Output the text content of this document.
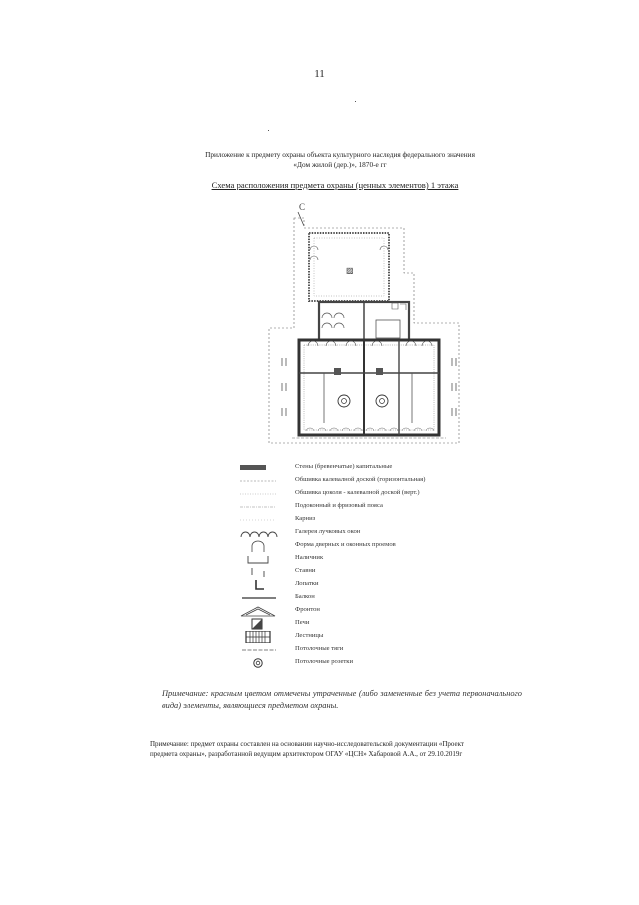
11
Приложение к предмету охраны объекта культурного наследия федерального значения
«Дом жилой (дер.)», 1870-е гг
Схема расположения предмета охраны (ценных элементов) 1 этажа
С
▨
Стены (бревенчатые) капитальные
Обшивка калевалной доской (горизонтальная)
Обшивка цоколя - калевалной доской (верт.)
Подоконный и фризовый пояса
Карниз
Галерея лучковых окон
Форма дверных и оконных проемов
Наличник
Ставни
Лопатки
Балкон
Фронтон
Печи
Лестницы
Потолочные тяги
Потолочные розетки
Примечание: красным цветом отмечены утраченные (либо замененные без учета первоначального вида) элементы, являющиеся предметом охраны.
Примечание: предмет охраны составлен на основании научно-исследовательской документации «Проект
предмета охраны», разработанной ведущим архитектором ОГАУ «ЦСН» Хабаровой А.А., от 29.10.2019г
